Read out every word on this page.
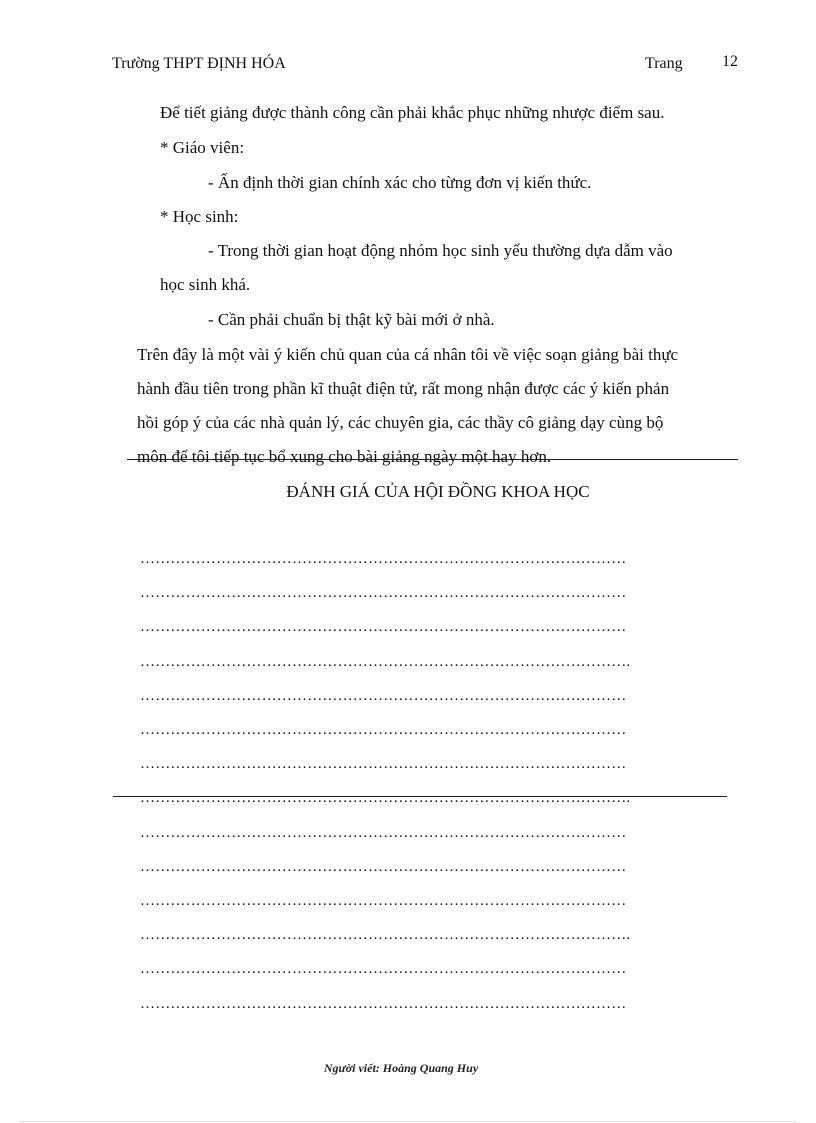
Trường THPT ĐỊNH HÓA	Trang 12
Để tiết giảng được thành công cần phải khắc phục những nhược điểm sau.
* Giáo viên:
- Ấn định thời gian chính xác cho từng đơn vị kiến thức.
* Học sinh:
- Trong thời gian hoạt động nhóm học sinh yếu thường dựa dẫm vào
học sinh khá.
- Cần phải chuẩn bị thật kỹ bài mới ở nhà.
Trên đây là một vài ý kiến chủ quan của cá nhân tôi về việc soạn giảng bài thực
hành đầu tiên trong phần kĩ thuật điện tử, rất mong nhận được các ý kiến phản
hồi góp ý của các nhà quản lý, các chuyên gia, các thầy cô giảng dạy cùng bộ
môn để tôi tiếp tục bổ xung cho bài giảng ngày một hay hơn.
ĐÁNH GIÁ CỦA HỘI ĐỒNG KHOA HỌC
……………………………………………………………………………………
……………………………………………………………………………………
……………………………………………………………………………………
…………………………………………………………………………………….
……………………………………………………………………………………
……………………………………………………………………………………
……………………………………………………………………………………
…………………………………………………………………………………….
……………………………………………………………………………………
……………………………………………………………………………………
……………………………………………………………………………………
…………………………………………………………………………………….
……………………………………………………………………………………
……………………………………………………………………………………
Người viết: Hoàng Quang Huy
